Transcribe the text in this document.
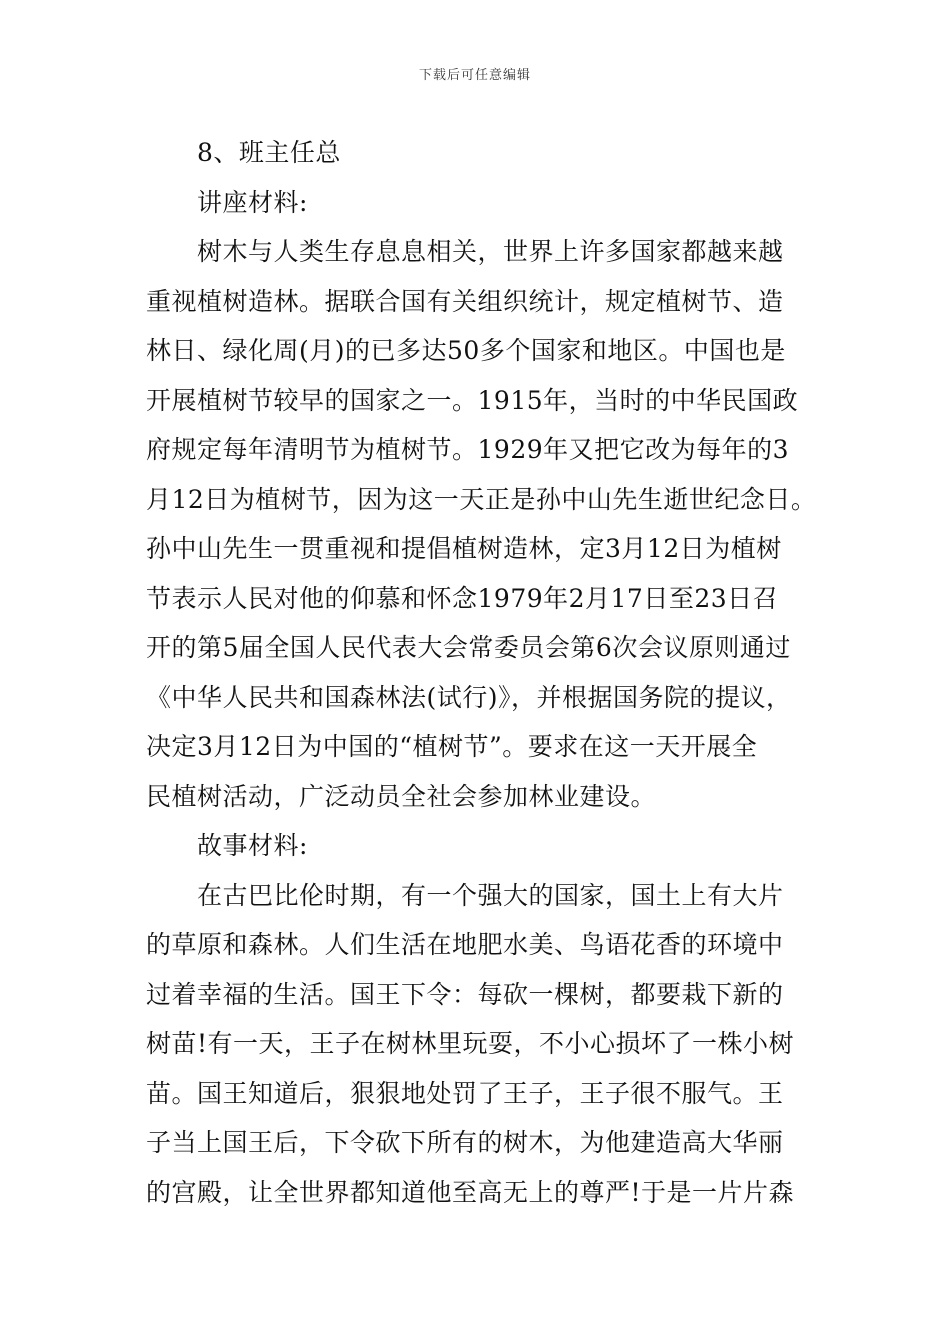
下载后可任意编辑
8、班主任总
讲座材料:
树木与人类生存息息相关，世界上许多国家都越来越
重视植树造林。据联合国有关组织统计，规定植树节、造
林日、绿化周(月)的已多达50多个国家和地区。中国也是
开展植树节较早的国家之一。1915年，当时的中华民国政
府规定每年清明节为植树节。1929年又把它改为每年的3
月12日为植树节，因为这一天正是孙中山先生逝世纪念日。
孙中山先生一贯重视和提倡植树造林，定3月12日为植树
节表示人民对他的仰慕和怀念1979年2月17日至23日召
开的第5届全国人民代表大会常委员会第6次会议原则通过
《中华人民共和国森林法(试行)》，并根据国务院的提议，
决定3月12日为中国的“植树节”。要求在这一天开展全
民植树活动，广泛动员全社会参加林业建设。
故事材料:
在古巴比伦时期，有一个强大的国家，国土上有大片
的草原和森林。人们生活在地肥水美、鸟语花香的环境中
过着幸福的生活。国王下令：每砍一棵树，都要栽下新的
树苗!有一天，王子在树林里玩耍，不小心损坏了一株小树
苗。国王知道后，狠狠地处罚了王子，王子很不服气。王
子当上国王后，下令砍下所有的树木，为他建造高大华丽
的宫殿，让全世界都知道他至高无上的尊严!于是一片片森
